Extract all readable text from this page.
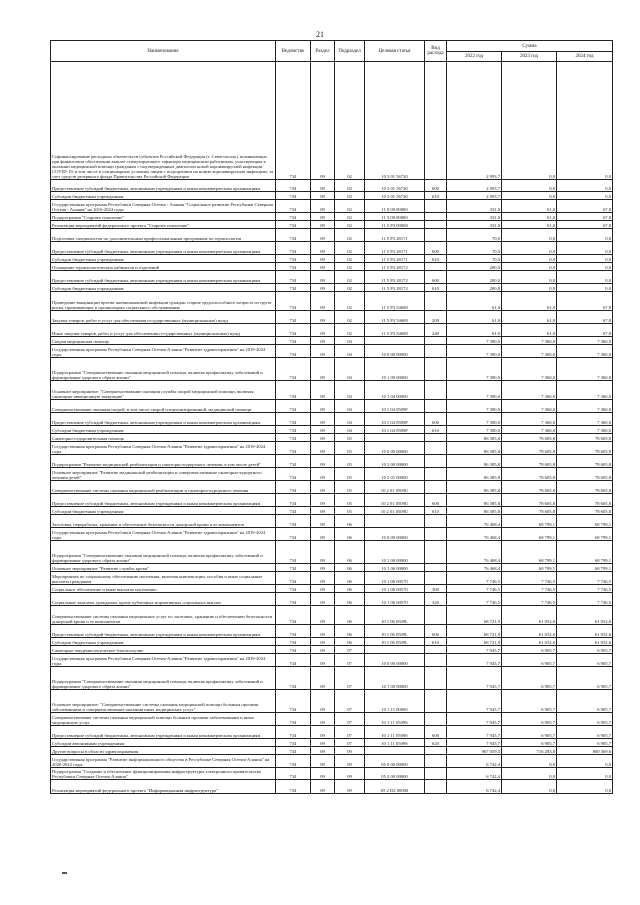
21
Наименование	Ведомство	Раздел	Подраздел	Целевая статья	Вид расхода	Сумма		
						2022 год	2023 год	2024 год
Софинансирование расходных обязательств субъектов Российской Федерации (г. Севастополь), возникающих при финансовом обеспечении выплат стимулирующего характера медицинским работникам, участвующим в оказании медицинской помощи гражданам с подтвержденным диагнозом новой коронавирусной инфекции COVID-19, в том числе в стационарных условиях лицам с подозрением на новую коронавирусную инфекцию, за счет средств резервного фонда Правительства Российской Федерации	734	09	02	10 3 01 56720		2 993,7	0,0	0,0
Предоставление субсидий бюджетным, автономным учреждениям и иным некоммерческим организациям	734	09	02	10 3 01 56720	600	2 993,7	0,0	0,0
Субсидии бюджетным учреждениям	734	09	02	10 3 01 56720	610	2 993,7	0,0	0,0
Государственная программа Республики Северная Осетия - Алания "Социальное развитие Республики Северная Осетия - Алания" на 2016-2024 годы	734	09	02	11 0 00 00000		331,0	61,0	67,8
Подпрограмма "Старшее поколение"	734	09	02	11 5 00 00000		331,0	61,0	67,8
Реализация мероприятий федерального проекта "Старшее поколение"	734	09	02	11 5 P3 00000		331,0	61,0	67,8
Подготовка специалистов по дополнительным профессиональным программам по геронтологии	734	09	02	11 5 P3 28171		70,0	0,0	0,0
Предоставление субсидий бюджетным, автономным учреждениям и иным некоммерческим организациям	734	09	02	11 5 P3 28171	600	70,0	0,0	0,0
Субсидии бюджетным учреждениям	734	09	02	11 5 P3 28171	610	70,0	0,0	0,0
Оснащение геронтологических кабинетов и отделений	734	09	02	11 5 P3 28172		200,0	0,0	0,0
Предоставление субсидий бюджетным, автономным учреждениям и иным некоммерческим организациям	734	09	02	11 5 P3 28172	600	200,0	0,0	0,0
Субсидии бюджетным учреждениям	734	09	02	11 5 P3 28172	610	200,0	0,0	0,0
Проведение вакцинации против пневмококковой инфекции граждан старше трудоспособного возраста из групп риска, проживающих в организациях социального обслуживания	734	09	02	11 5 P3 54680		61,0	61,0	67,8
Закупка товаров, работ и услуг для обеспечения государственных (муниципальных) нужд	734	09	02	11 5 P3 54680	200	61,0	61,0	67,8
Иные закупки товаров, работ и услуг для обеспечения государственных (муниципальных) нужд	734	09	02	11 5 P3 54680	240	61,0	61,0	67,8
Скорая медицинская помощь	734	09	04			7 390,0	7 360,0	7 360,0
Государственная программа Республики Северная Осетия-Алания "Развитие здравоохранения" на 2019-2024 годы	734	09	04	10 0 00 00000		7 390,0	7 360,0	7 360,0
Подпрограмма "Совершенствование оказания медицинской помощи, включая профилактику заболеваний и формирование здорового образа жизни"	734	09	04	10 1 00 00000		7 390,0	7 360,0	7 360,0
Основное мероприятие: "Совершенствование оказания службы скорой медицинской помощи, включая санитарно-авиационную эвакуацию"	734	09	04	10 1 04 00000		7 390,0	7 360,0	7 360,0
Совершенствование оказания скорой, в том числе скорой специализированной, медицинской помощи	734	09	04	10 1 04 0509F		7 390,0	7 360,0	7 360,0
Предоставление субсидий бюджетным, автономным учреждениям и иным некоммерческим организациям	734	09	04	10 1 04 0509F	600	7 390,0	7 360,0	7 360,0
Субсидии бюджетным учреждениям	734	09	04	10 1 04 0509F	610	7 390,0	7 360,0	7 360,0
Санаторно-оздоровительная помощь	734	09	05			86 385,8	78 605,8	78 605,8
Государственная программа Республики Северная Осетия-Алания "Развитие здравоохранения" на 2019-2024 годы	734	09	05	10 0 00 00000		86 385,8	78 605,8	78 605,8
Подпрограмма "Развитие медицинской реабилитации и санаторно-курортного лечения, в том числе детей"	734	09	05	10 2 00 00000		86 385,8	78 605,8	78 605,8
Основное мероприятие "Развитие медицинской реабилитации и совершенствование санаторно-курортного лечения детей"	734	09	05	10 2 01 00000		86 385,8	78 605,8	78 605,8
Совершенствование системы оказания медицинской реабилитации и санаторно-курортного лечения	734	09	05	10 2 01 0509U		86 385,8	78 605,8	78 605,8
Предоставление субсидий бюджетным, автономным учреждениям и иным некоммерческим организациям	734	09	05	10 2 01 0509U	600	86 385,8	78 605,8	78 605,8
Субсидии бюджетным учреждениям	734	09	05	10 2 01 0509U	610	86 385,8	78 605,8	78 605,8
Заготовка, переработка, хранение и обеспечение безопасности донорской крови и ее компонентов	734	09	06			76 468,4	68 799,1	68 799,1
Государственная программа Республики Северная Осетия-Алания "Развитие здравоохранения" на 2019-2024 годы	734	09	06	10 0 00 00000		76 468,4	68 799,1	68 799,1
Подпрограмма "Совершенствование оказания медицинской помощи, включая профилактику заболеваний и формирование здорового образа жизни"	734	09	06	10 1 00 00000		76 468,4	68 799,1	68 799,1
Основное мероприятие "Развитие службы крови"	734	09	06	10 1 06 00000		76 468,4	68 799,1	68 799,1
Мероприятия по социальному обеспечению населения, включая компенсации, пособия и иные социальные выплаты гражданам	734	09	06	10 1 06 00570		7 746,5	7 746,5	7 746,5
Социальное обеспечение и иные выплаты населению	734	09	06	10 1 06 00570	300	7 746,5	7 746,5	7 746,5
Социальные выплаты гражданам, кроме публичных нормативных социальных выплат	734	09	06	10 1 06 00570	320	7 746,5	7 746,5	7 746,5
Совершенствование системы оказания медицинских услуг по заготовке, хранению и обеспечению безопасности донорской крови и ее компонентов	734	09	06	10 1 06 0509L		68 721,9	61 052,6	61 052,6
Предоставление субсидий бюджетным, автономным учреждениям и иным некоммерческим организациям	734	09	06	10 1 06 0509L	600	68 721,9	61 052,6	61 052,6
Субсидии бюджетным учреждениям	734	09	06	10 1 06 0509L	610	68 721,9	61 052,6	61 052,6
Санитарно-эпидемиологическое благополучие	734	09	07			7 945,7	6 905,7	6 905,7
Государственная программа Республики Северная Осетия-Алания "Развитие здравоохранения" на 2019-2024 годы	734	09	07	10 0 00 00000		7 945,7	6 905,7	6 905,7
Подпрограмма "Совершенствование оказания медицинской помощи, включая профилактику заболеваний и формирование здорового образа жизни"	734	09	07	10 1 00 00000		7 945,7	6 905,7	6 905,7
Основное мероприятие: "Совершенствование системы оказания медицинской помощи больным прочими заболеваниями и совершенствование оказания иных медицинских услуг"	734	09	07	10 1 11 00000		7 945,7	6 905,7	6 905,7
Совершенствование системы оказания медицинской помощи больным прочими заболеваниями и иных медицинских услуг	734	09	07	10 1 11 0509S		7 945,7	6 905,7	6 905,7
Предоставление субсидий бюджетным, автономным учреждениям и иным некоммерческим организациям	734	09	07	10 1 11 0509S	600	7 945,7	6 905,7	6 905,7
Субсидии автономным учреждениям	734	09	07	10 1 11 0509S	620	7 945,7	6 905,7	6 905,7
Другие вопросы в области здравоохранения	734	09	09			967 059,3	716 283,8	800 369,6
Государственная программа "Развитие информационного общества в Республике Северная Осетия-Алания" на 2020-2022 годы	734	09	09	05 0 00 00000		6 742,4	0,0	0,0
Подпрограмма "Создание и обеспечение функционирования инфраструктуры электронного правительства Республики Северная Осетия-Алания"	734	09	09	05 2 00 00000		6 742,4	0,0	0,0
Реализация мероприятий федерального проекта "Информационная инфраструктура"	734	09	09	05 2 D2 00000		6 742,4	0,0	0,0
